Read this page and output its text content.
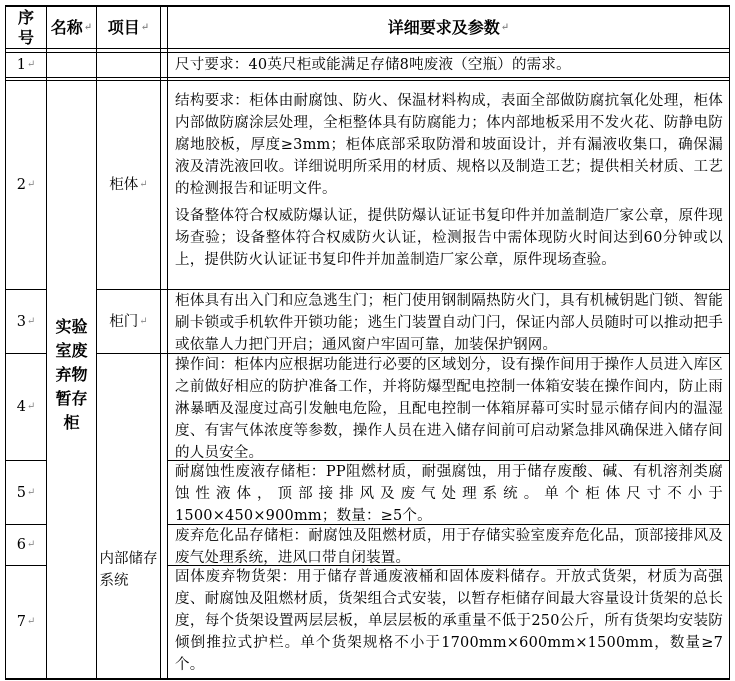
序号
名称 ↵ 项目 ↵	详细要求及参数 ↵
1 ↵
2 ↵
3 ↵
4 ↵
5 ↵
6 ↵
7 ↵
实验室废弃物暂存柜
柜体 ↵
柜门 ↵
内部储存系统
尺寸要求：40英尺柜或能满足存储8吨废液（空瓶）的需求。
结构要求：柜体由耐腐蚀、防火、保温材料构成，表面全部做防腐抗氧化处理，柜体内部做防腐涂层处理，全柜整体具有防腐能力；体内部地板采用不发火花、防静电防腐地胶板，厚度≥3mm；柜体底部采取防滑和坡面设计，并有漏液收集口，确保漏液及清洗液回收。详细说明所采用的材质、规格以及制造工艺；提供相关材质、工艺的检测报告和证明文件。
设备整体符合权威防爆认证，提供防爆认证证书复印件并加盖制造厂家公章，原件现场查验；设备整体符合权威防火认证，检测报告中需体现防火时间达到60分钟或以上，提供防火认证证书复印件并加盖制造厂家公章，原件现场查验。
柜体具有出入门和应急逃生门；柜门使用钢制隔热防火门，具有机械钥匙门锁、智能刷卡锁或手机软件开锁功能；逃生门装置自动门闩，保证内部人员随时可以推动把手或依靠人力把门开启；通风窗户牢固可靠，加装保护钢网。
操作间：柜体内应根据功能进行必要的区域划分，设有操作间用于操作人员进入库区之前做好相应的防护准备工作，并将防爆型配电控制一体箱安装在操作间内，防止雨淋暴晒及湿度过高引发触电危险，且配电控制一体箱屏幕可实时显示储存间内的温湿度、有害气体浓度等参数，操作人员在进入储存间前可启动紧急排风确保进入储存间的人员安全。
耐腐蚀性废液存储柜：PP阻燃材质，耐强腐蚀，用于储存废酸、碱、有机溶剂类腐蚀性液体，顶部接排风及废气处理系统。单个柜体尺寸不小于1500×450×900mm；数量：≥5个。
废弃危化品存储柜：耐腐蚀及阻燃材质，用于存储实验室废弃危化品，顶部接排风及废气处理系统，进风口带自闭装置。
固体废弃物货架：用于储存普通废液桶和固体废料储存。开放式货架，材质为高强度、耐腐蚀及阻燃材质，货架组合式安装，以暂存柜储存间最大容量设计货架的总长度，每个货架设置两层层板，单层层板的承重量不低于250公斤，所有货架均安装防倾倒推拉式护栏。单个货架规格不小于1700mm×600mm×1500mm，数量≥7个。
